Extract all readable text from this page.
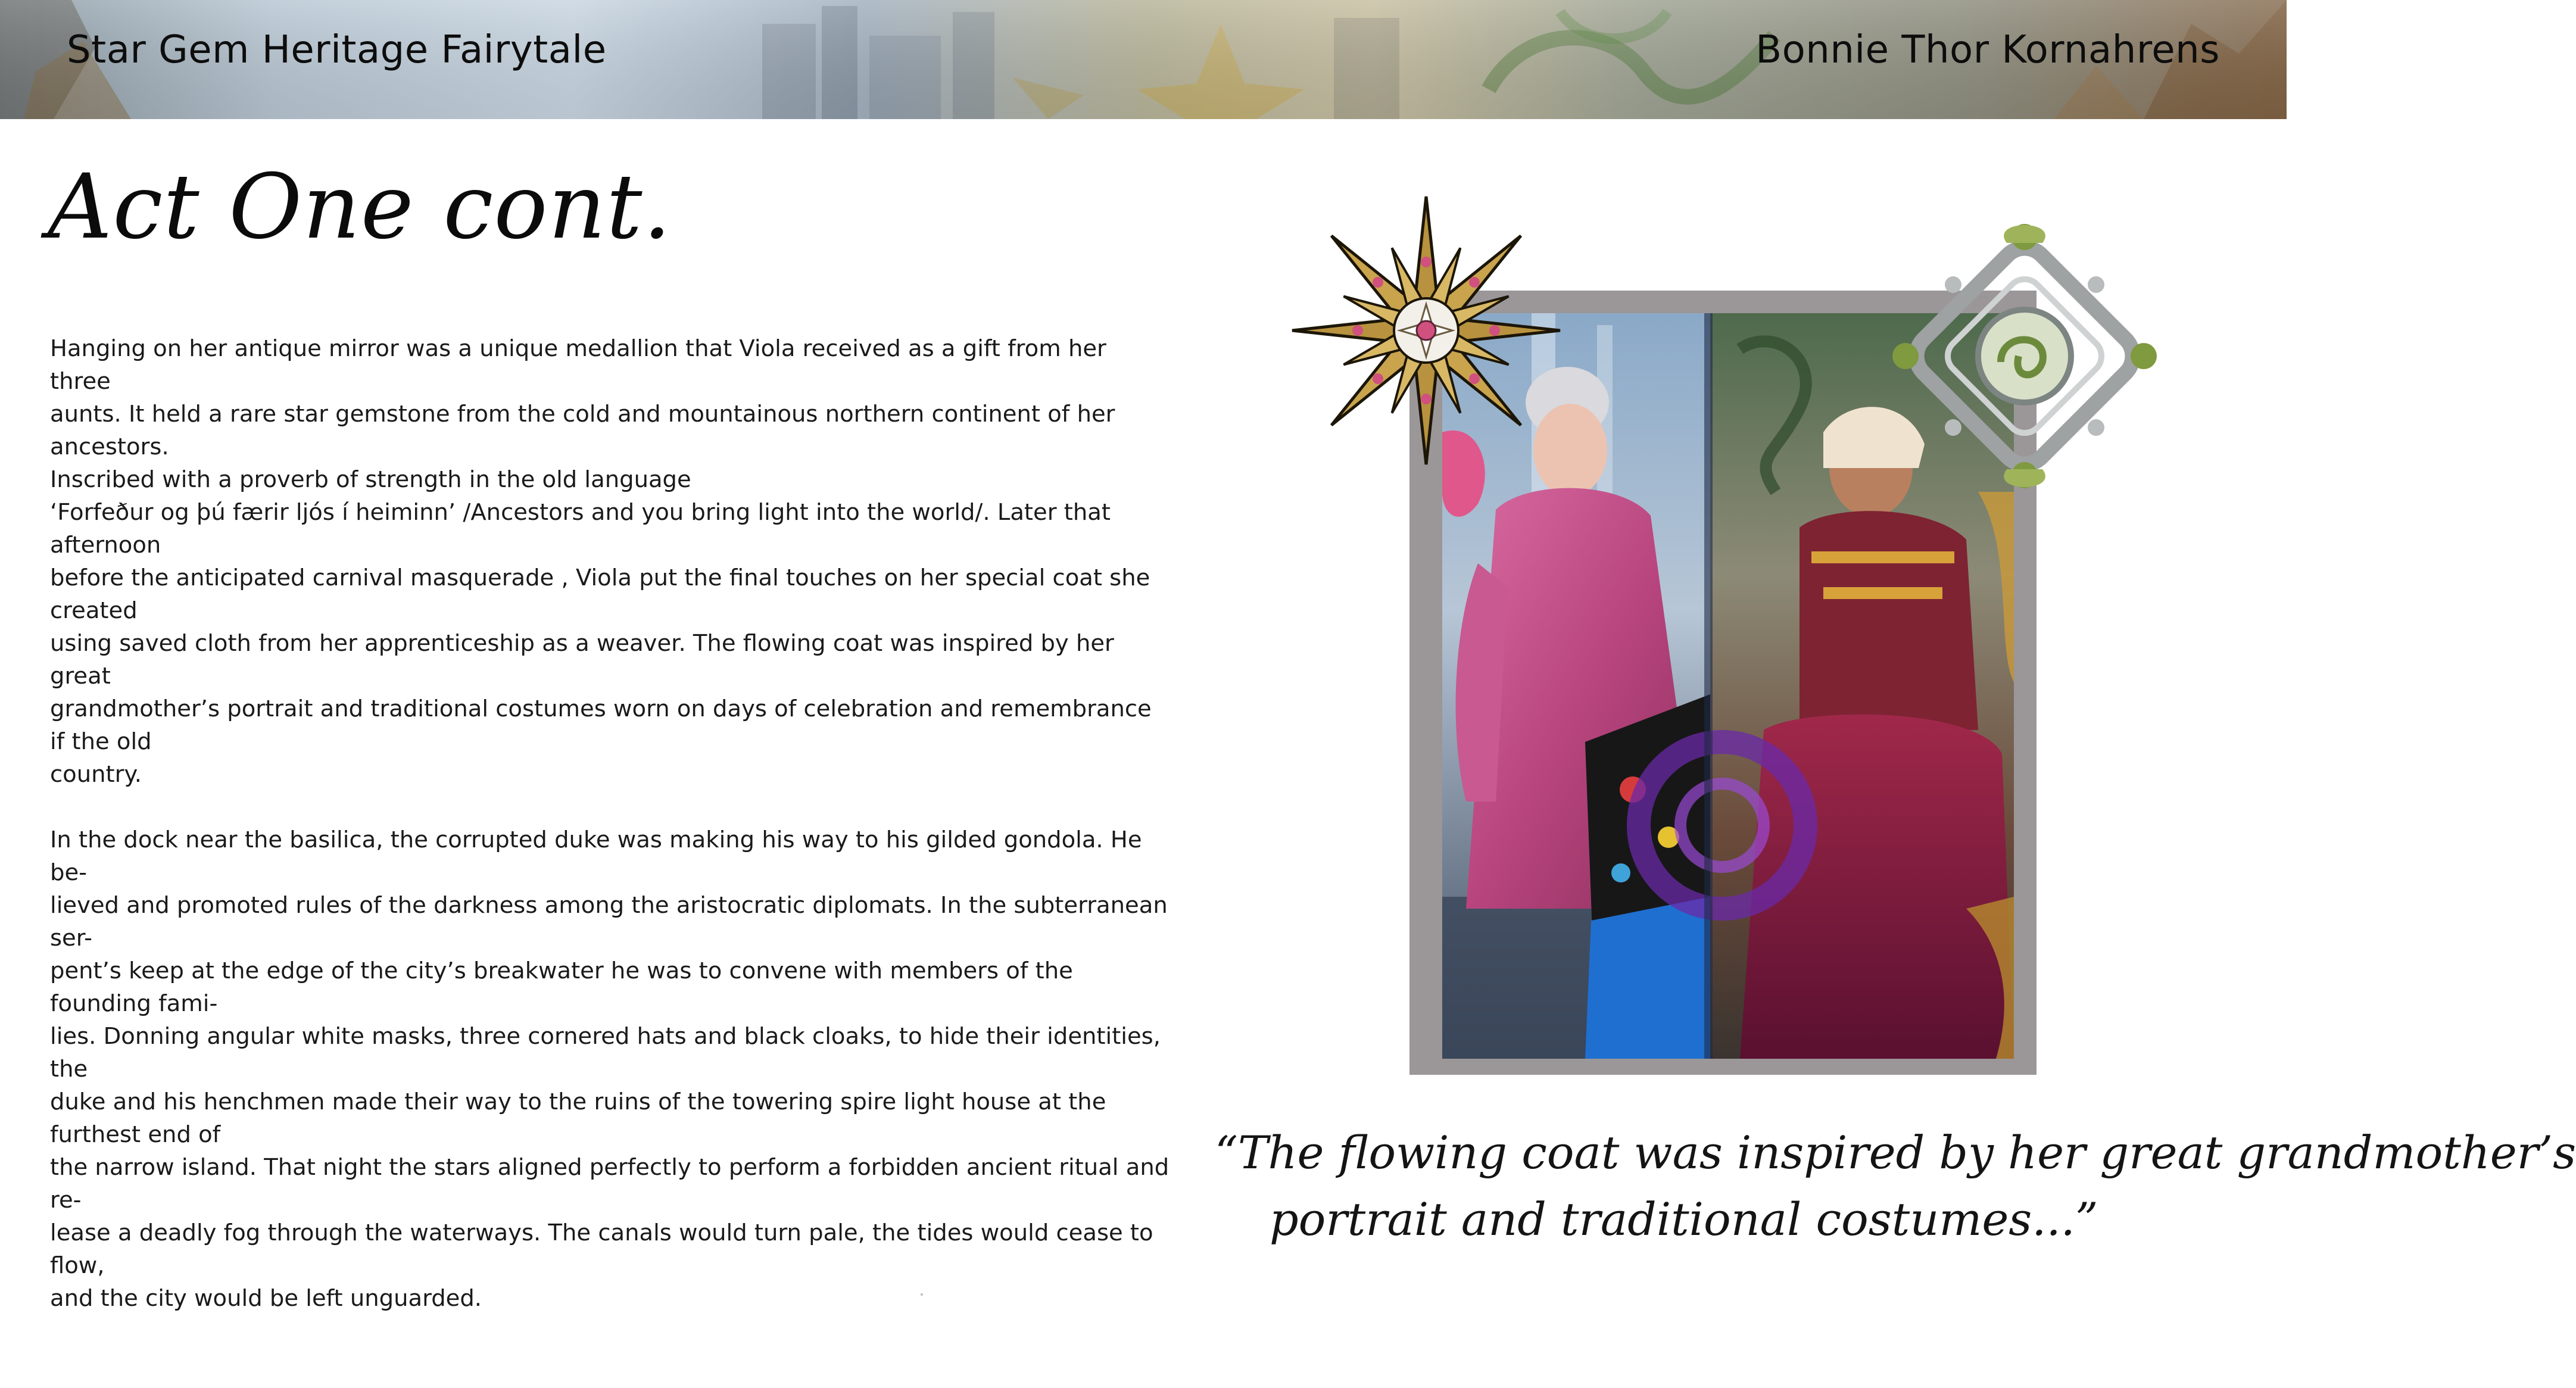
Star Gem Heritage Fairytale	Bonnie Thor Kornahrens
Act One cont.

Hanging on her antique mirror was a unique medallion that Viola received as a gift from her three
aunts. It held a rare star gemstone from the cold and mountainous northern continent of her ancestors.
Inscribed with a proverb of strength in the old language
‘Forfeður og þú færir ljós í heiminn’ /Ancestors and you bring light into the world/. Later that afternoon
before the anticipated carnival masquerade , Viola put the final touches on her special coat she created
using saved cloth from her apprenticeship as a weaver. The flowing coat was inspired by her great
grandmother’s portrait and traditional costumes worn on days of celebration and remembrance if the old
country.

In the dock near the basilica, the corrupted duke was making his way to his gilded gondola. He be-
lieved and promoted rules of the darkness among the aristocratic diplomats. In the subterranean ser-
pent’s keep at the edge of the city’s breakwater he was to convene with members of the founding fami-
lies. Donning angular white masks, three cornered hats and black cloaks, to hide their identities, the
duke and his henchmen made their way to the ruins of the towering spire light house at the furthest end of
the narrow island. That night the stars aligned perfectly to perform a forbidden ancient ritual and re-
lease a deadly fog through the waterways. The canals would turn pale, the tides would cease to flow,
and the city would be left unguarded.

“The flowing coat was inspired by her great grandmother’s
portrait and traditional costumes...”
